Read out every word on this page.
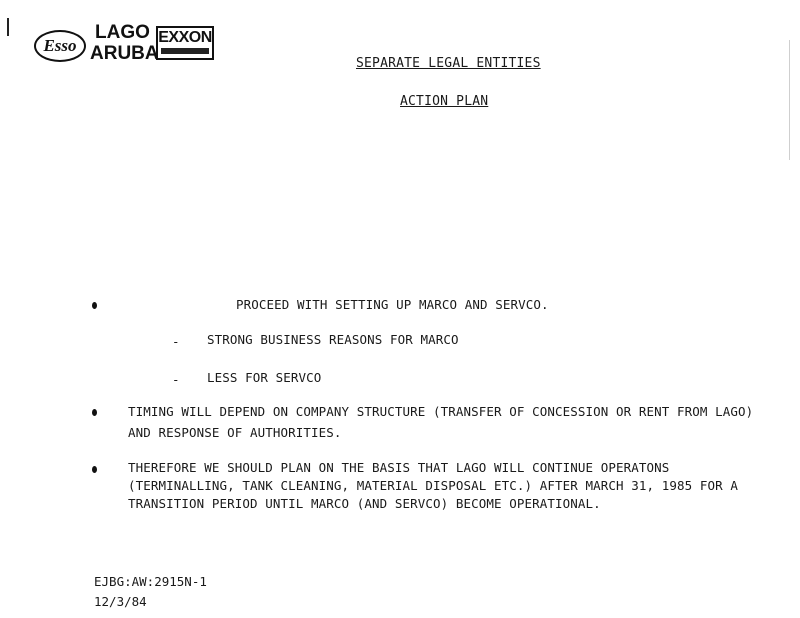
Esso
LAGO
ARUBA
EXXON
SEPARATE LEGAL ENTITIES
ACTION PLAN
PROCEED WITH SETTING UP MARCO AND SERVCO.
- STRONG BUSINESS REASONS FOR MARCO
- LESS FOR SERVCO
TIMING WILL DEPEND ON COMPANY STRUCTURE (TRANSFER OF CONCESSION OR RENT FROM LAGO)
AND RESPONSE OF AUTHORITIES.
THEREFORE WE SHOULD PLAN ON THE BASIS THAT LAGO WILL CONTINUE OPERATONS
(TERMINALLING, TANK CLEANING, MATERIAL DISPOSAL ETC.) AFTER MARCH 31, 1985 FOR A
TRANSITION PERIOD UNTIL MARCO (AND SERVCO) BECOME OPERATIONAL.
EJBG:AW:2915N-1
12/3/84
